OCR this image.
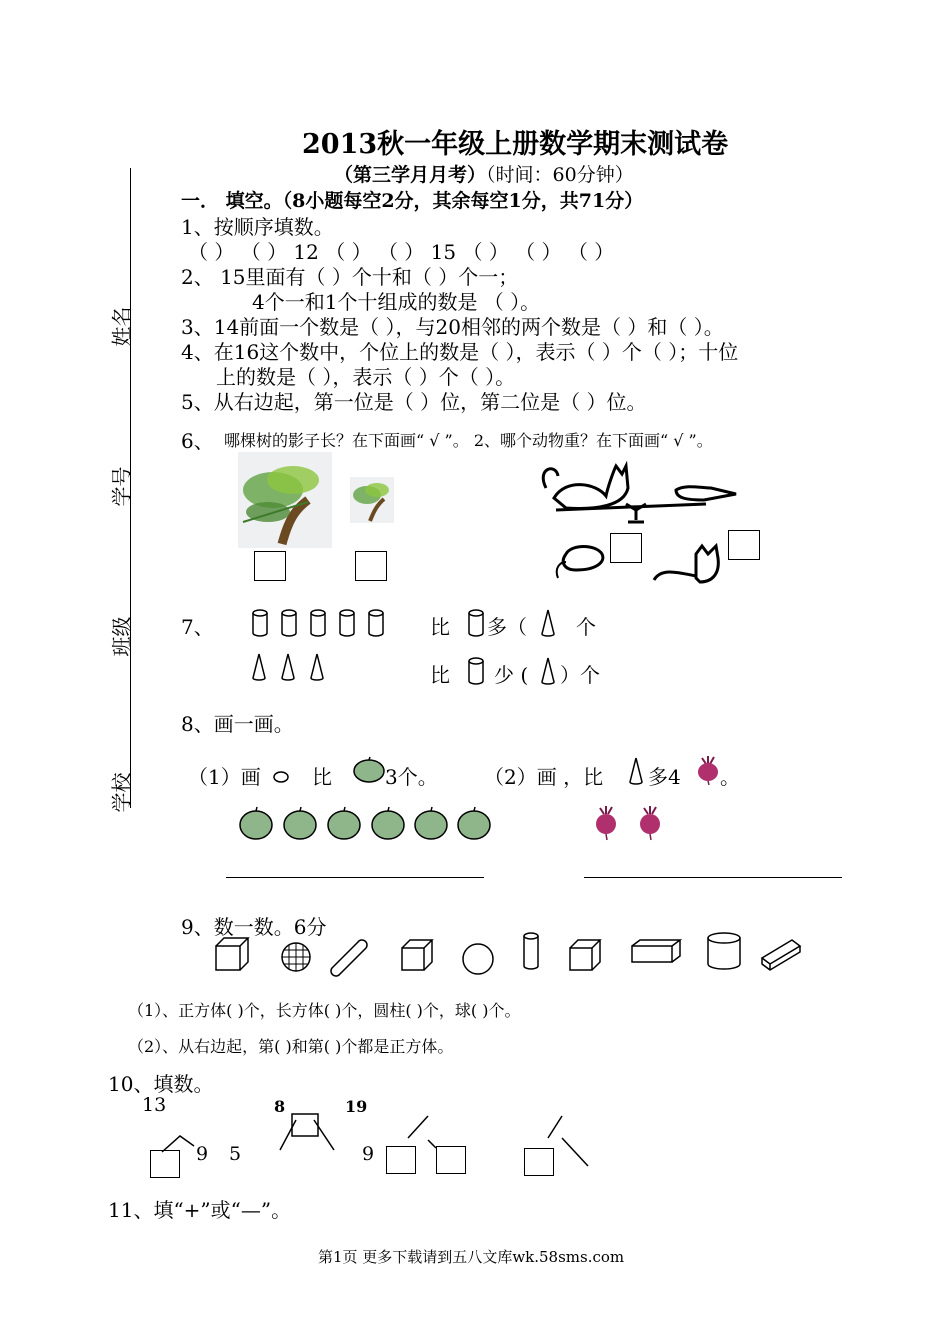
2013秋一年级上册数学期末测试卷
（第三学月月考）（时间：60分钟）
姓名
学号
班级
学校
一． 填空。（8小题每空2分，其余每空1分，共71分）
1、按顺序填数。
（ ） （ ） 12 （ ） （ ） 15 （ ） （ ） （ ）
2、 15里面有（ ）个十和（ ）个一；
4个一和1个十组成的数是 （ ）。
3、14前面一个数是（ ），与20相邻的两个数是（ ）和（ ）。
4、在16这个数中，个位上的数是（ ），表示（ ）个（ ）；十位
上的数是（ ），表示（ ）个（ ）。
5、从右边起，第一位是（ ）位，第二位是（ ）位。
6、 哪棵树的影子长？在下面画“ √ ”。 2、哪个动物重？在下面画“ √ ”。
7、	比 多（ 个
比 少 ( ）个
8、画一画。
（1）画	比	3个。 （2）画 ，比 多4 。
9、数一数。6分
（1）、正方体( )个，长方体( )个，圆柱( )个，球( )个。
（2）、从右边起，第( )和第( )个都是正方体。
10、填数。
13	8	19
9 5	9
11、填“+”或“—”。
第1页 更多下载请到五八文库wk.58sms.com
